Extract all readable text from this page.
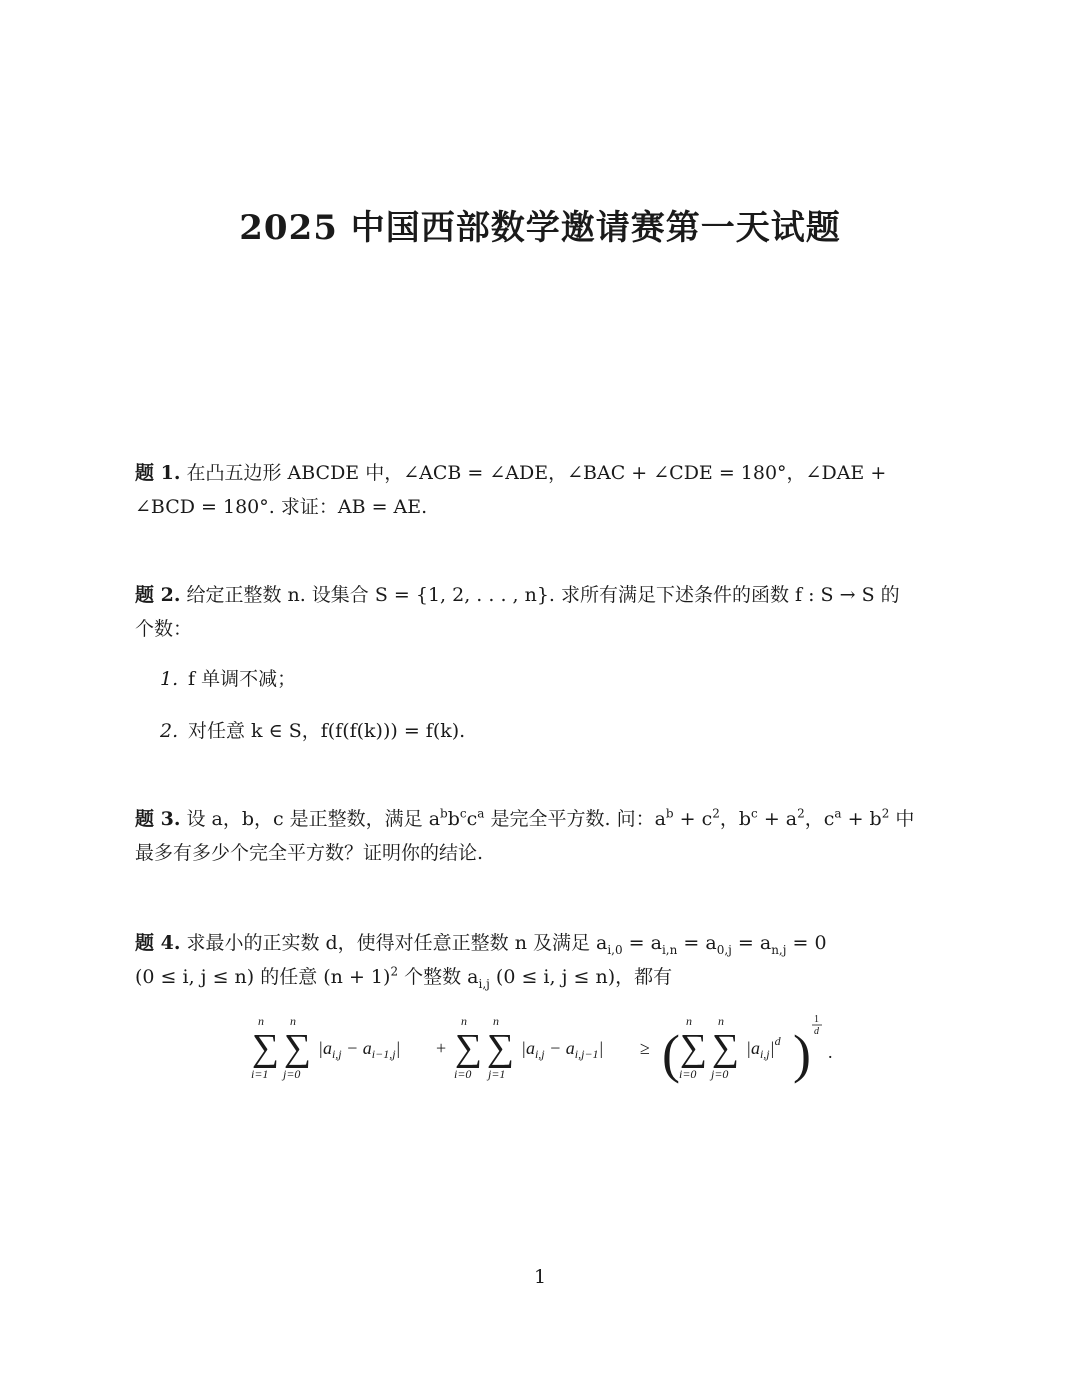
2025 中国西部数学邀请赛第一天试题
题 1. 在凸五边形 ABCDE 中，∠ACB = ∠ADE，∠BAC + ∠CDE = 180°，∠DAE +
∠BCD = 180°. 求证：AB = AE.
题 2. 给定正整数 n. 设集合 S = {1, 2, . . . , n}. 求所有满足下述条件的函数 f : S → S 的
个数：
1. f 单调不减；
2. 对任意 k ∈ S，f(f(f(k))) = f(k).
题 3. 设 a，b，c 是正整数，满足 $a^bb^cc^a$ 是完全平方数. 问：$a^b + c^2$，$b^c + a^2$，$c^a + b^2$ 中
最多有多少个完全平方数？证明你的结论.
题 4. 求最小的正实数 d，使得对任意正整数 n 及满足 $a_{i,0} = a_{i,n} = a_{0,j} = a_{n,j} = 0$
(0 ≤ i, j ≤ n) 的任意 $(n + 1)^2$ 个整数 $a_{i,j}$ (0 ≤ i, j ≤ n)，都有
∑ ∑
n n
i=1 j=0
$|a_{i,j} - a_{i-1,j}|$ + ∑ ∑
n n
i=0 j=1
$|a_{i,j} - a_{i,j-1}|$ ≥ ( ∑ ∑
n n
i=0 j=0
$|a_{i,j}|^d$ )
1
d
.
1
